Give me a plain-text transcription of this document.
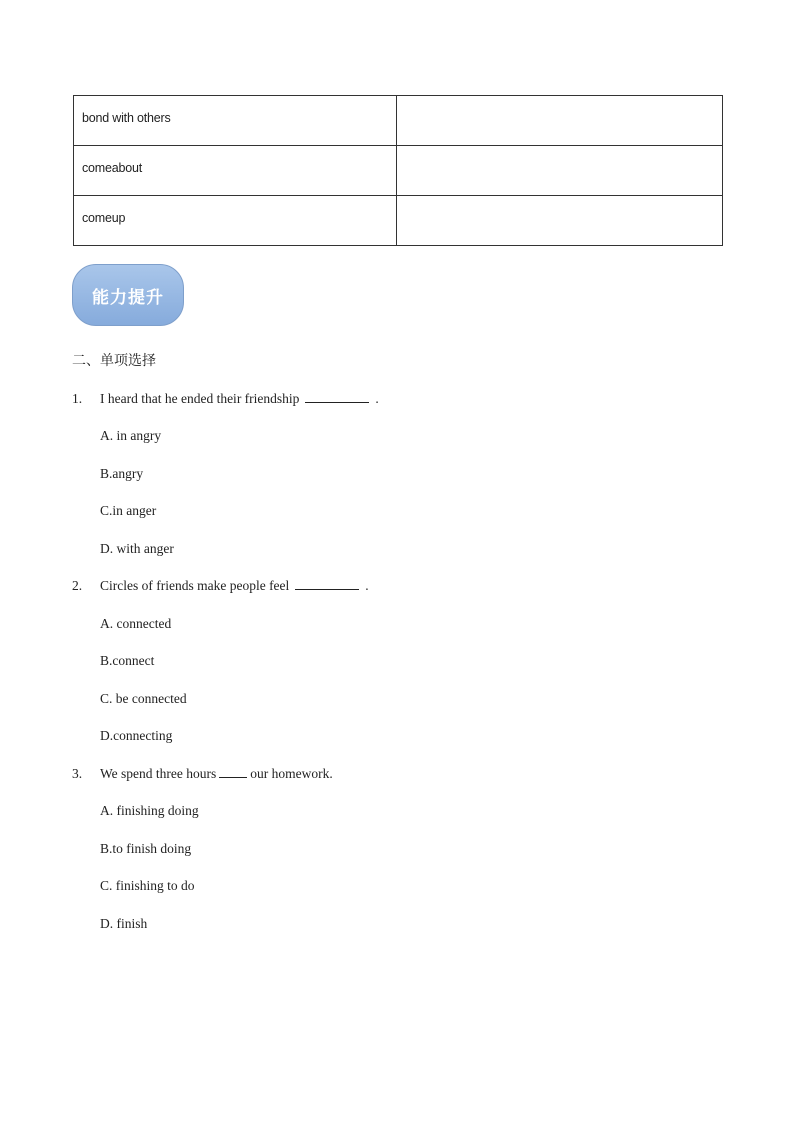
bond with others	
comeabout	
comeup	
能力提升
二、单项选择
1. I heard that he ended their friendship	.
A. in angry
B.angry
C.in anger
D. with anger
2. Circles of friends make people feel	.
A. connected
B.connect
C. be connected
D.connecting
3. We spend three hours	our homework.
A. finishing doing
B.to finish doing
C. finishing to do
D. finish
